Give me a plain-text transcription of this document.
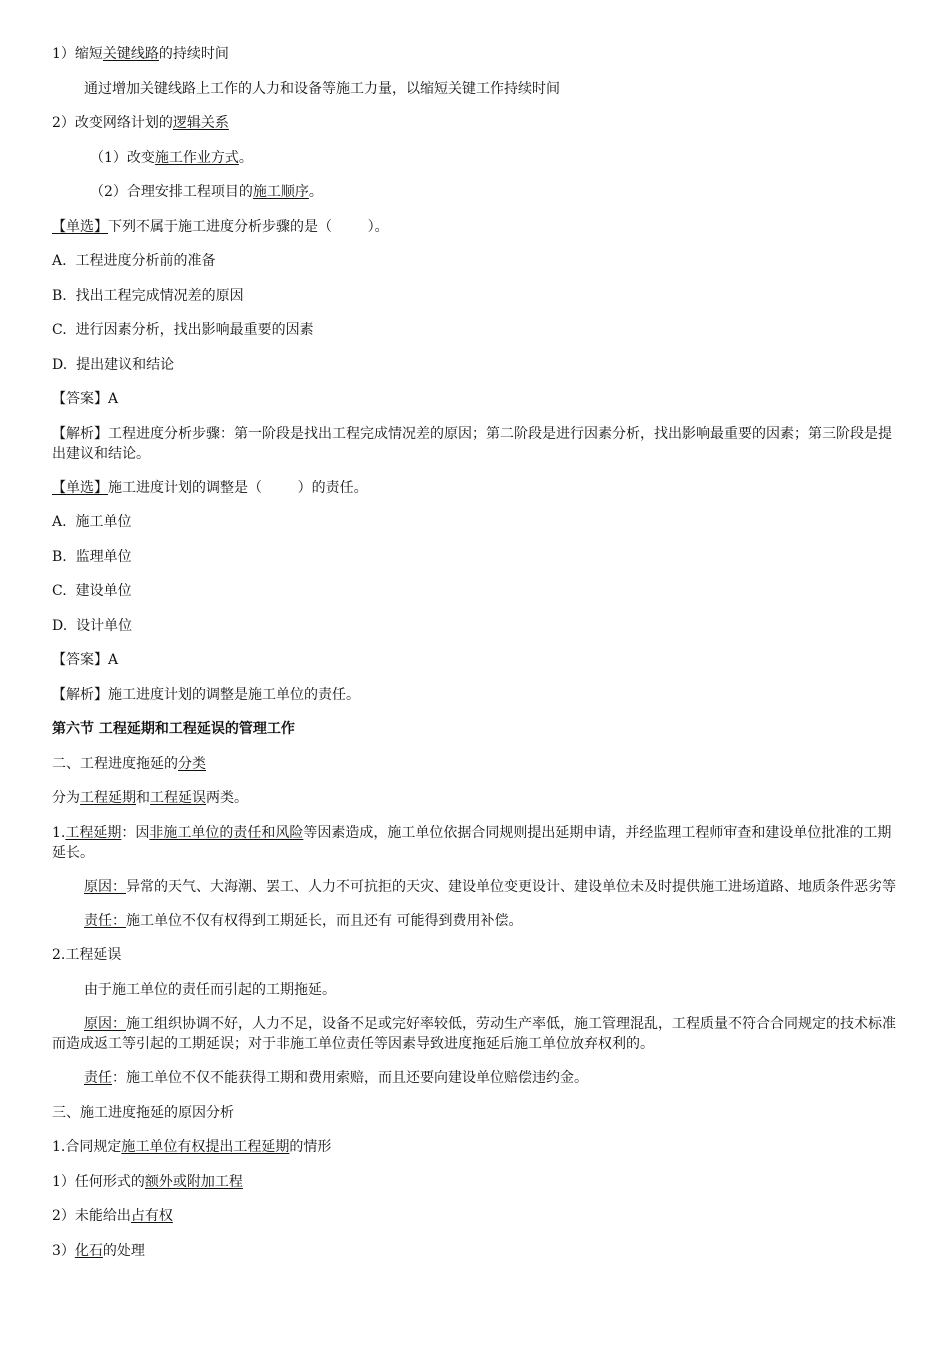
1）缩短关键线路的持续时间

通过增加关键线路上工作的人力和设备等施工力量，以缩短关键工作持续时间

2）改变网络计划的逻辑关系

（1）改变施工作业方式。

（2）合理安排工程项目的施工顺序。

【单选】下列不属于施工进度分析步骤的是（        ）。

A.  工程进度分析前的准备

B.  找出工程完成情况差的原因

C.  进行因素分析，找出影响最重要的因素

D.  提出建议和结论

【答案】A

【解析】工程进度分析步骤：第一阶段是找出工程完成情况差的原因；第二阶段是进行因素分析，找出影响最重要的因素；第三阶段是提出建议和结论。

【单选】施工进度计划的调整是（        ）的责任。

A.  施工单位

B.  监理单位

C.  建设单位

D.  设计单位

【答案】A

【解析】施工进度计划的调整是施工单位的责任。

第六节 工程延期和工程延误的管理工作

二、工程进度拖延的分类

分为工程延期和工程延误两类。

1.工程延期：因非施工单位的责任和风险等因素造成，施工单位依据合同规则提出延期申请，并经监理工程师审查和建设单位批准的工期延长。

原因：异常的天气、大海潮、罢工、人力不可抗拒的天灾、建设单位变更设计、建设单位未及时提供施工进场道路、地质条件恶劣等

责任：施工单位不仅有权得到工期延长，而且还有 可能得到费用补偿。

2.工程延误

由于施工单位的责任而引起的工期拖延。

原因：施工组织协调不好，人力不足，设备不足或完好率较低，劳动生产率低，施工管理混乱，工程质量不符合合同规定的技术标准而造成返工等引起的工期延误；对于非施工单位责任等因素导致进度拖延后施工单位放弃权利的。

责任：施工单位不仅不能获得工期和费用索赔，而且还要向建设单位赔偿违约金。

三、施工进度拖延的原因分析

1.合同规定施工单位有权提出工程延期的情形

1）任何形式的额外或附加工程

2）未能给出占有权

3）化石的处理
